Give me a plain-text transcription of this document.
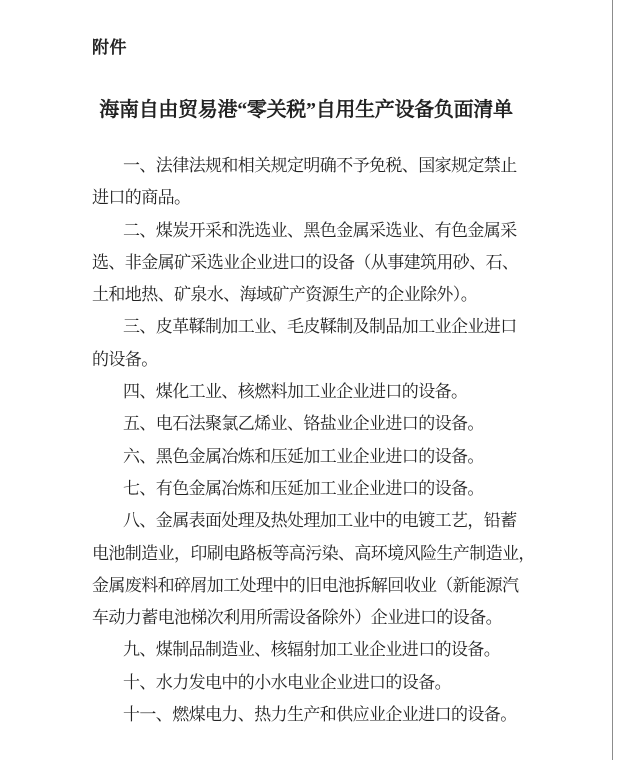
附件
海南自由贸易港“零关税”自用生产设备负面清单
一、法律法规和相关规定明确不予免税、国家规定禁止
进口的商品。
二、煤炭开采和洗选业、黑色金属采选业、有色金属采
选、非金属矿采选业企业进口的设备（从事建筑用砂、石、
土和地热、矿泉水、海域矿产资源生产的企业除外）。
三、皮革鞣制加工业、毛皮鞣制及制品加工业企业进口
的设备。
四、煤化工业、核燃料加工业企业进口的设备。
五、电石法聚氯乙烯业、铬盐业企业进口的设备。
六、黑色金属冶炼和压延加工业企业进口的设备。
七、有色金属冶炼和压延加工业企业进口的设备。
八、金属表面处理及热处理加工业中的电镀工艺，铅蓄
电池制造业，印刷电路板等高污染、高环境风险生产制造业，
金属废料和碎屑加工处理中的旧电池拆解回收业（新能源汽
车动力蓄电池梯次利用所需设备除外）企业进口的设备。
九、煤制品制造业、核辐射加工业企业进口的设备。
十、水力发电中的小水电业企业进口的设备。
十一、燃煤电力、热力生产和供应业企业进口的设备。
